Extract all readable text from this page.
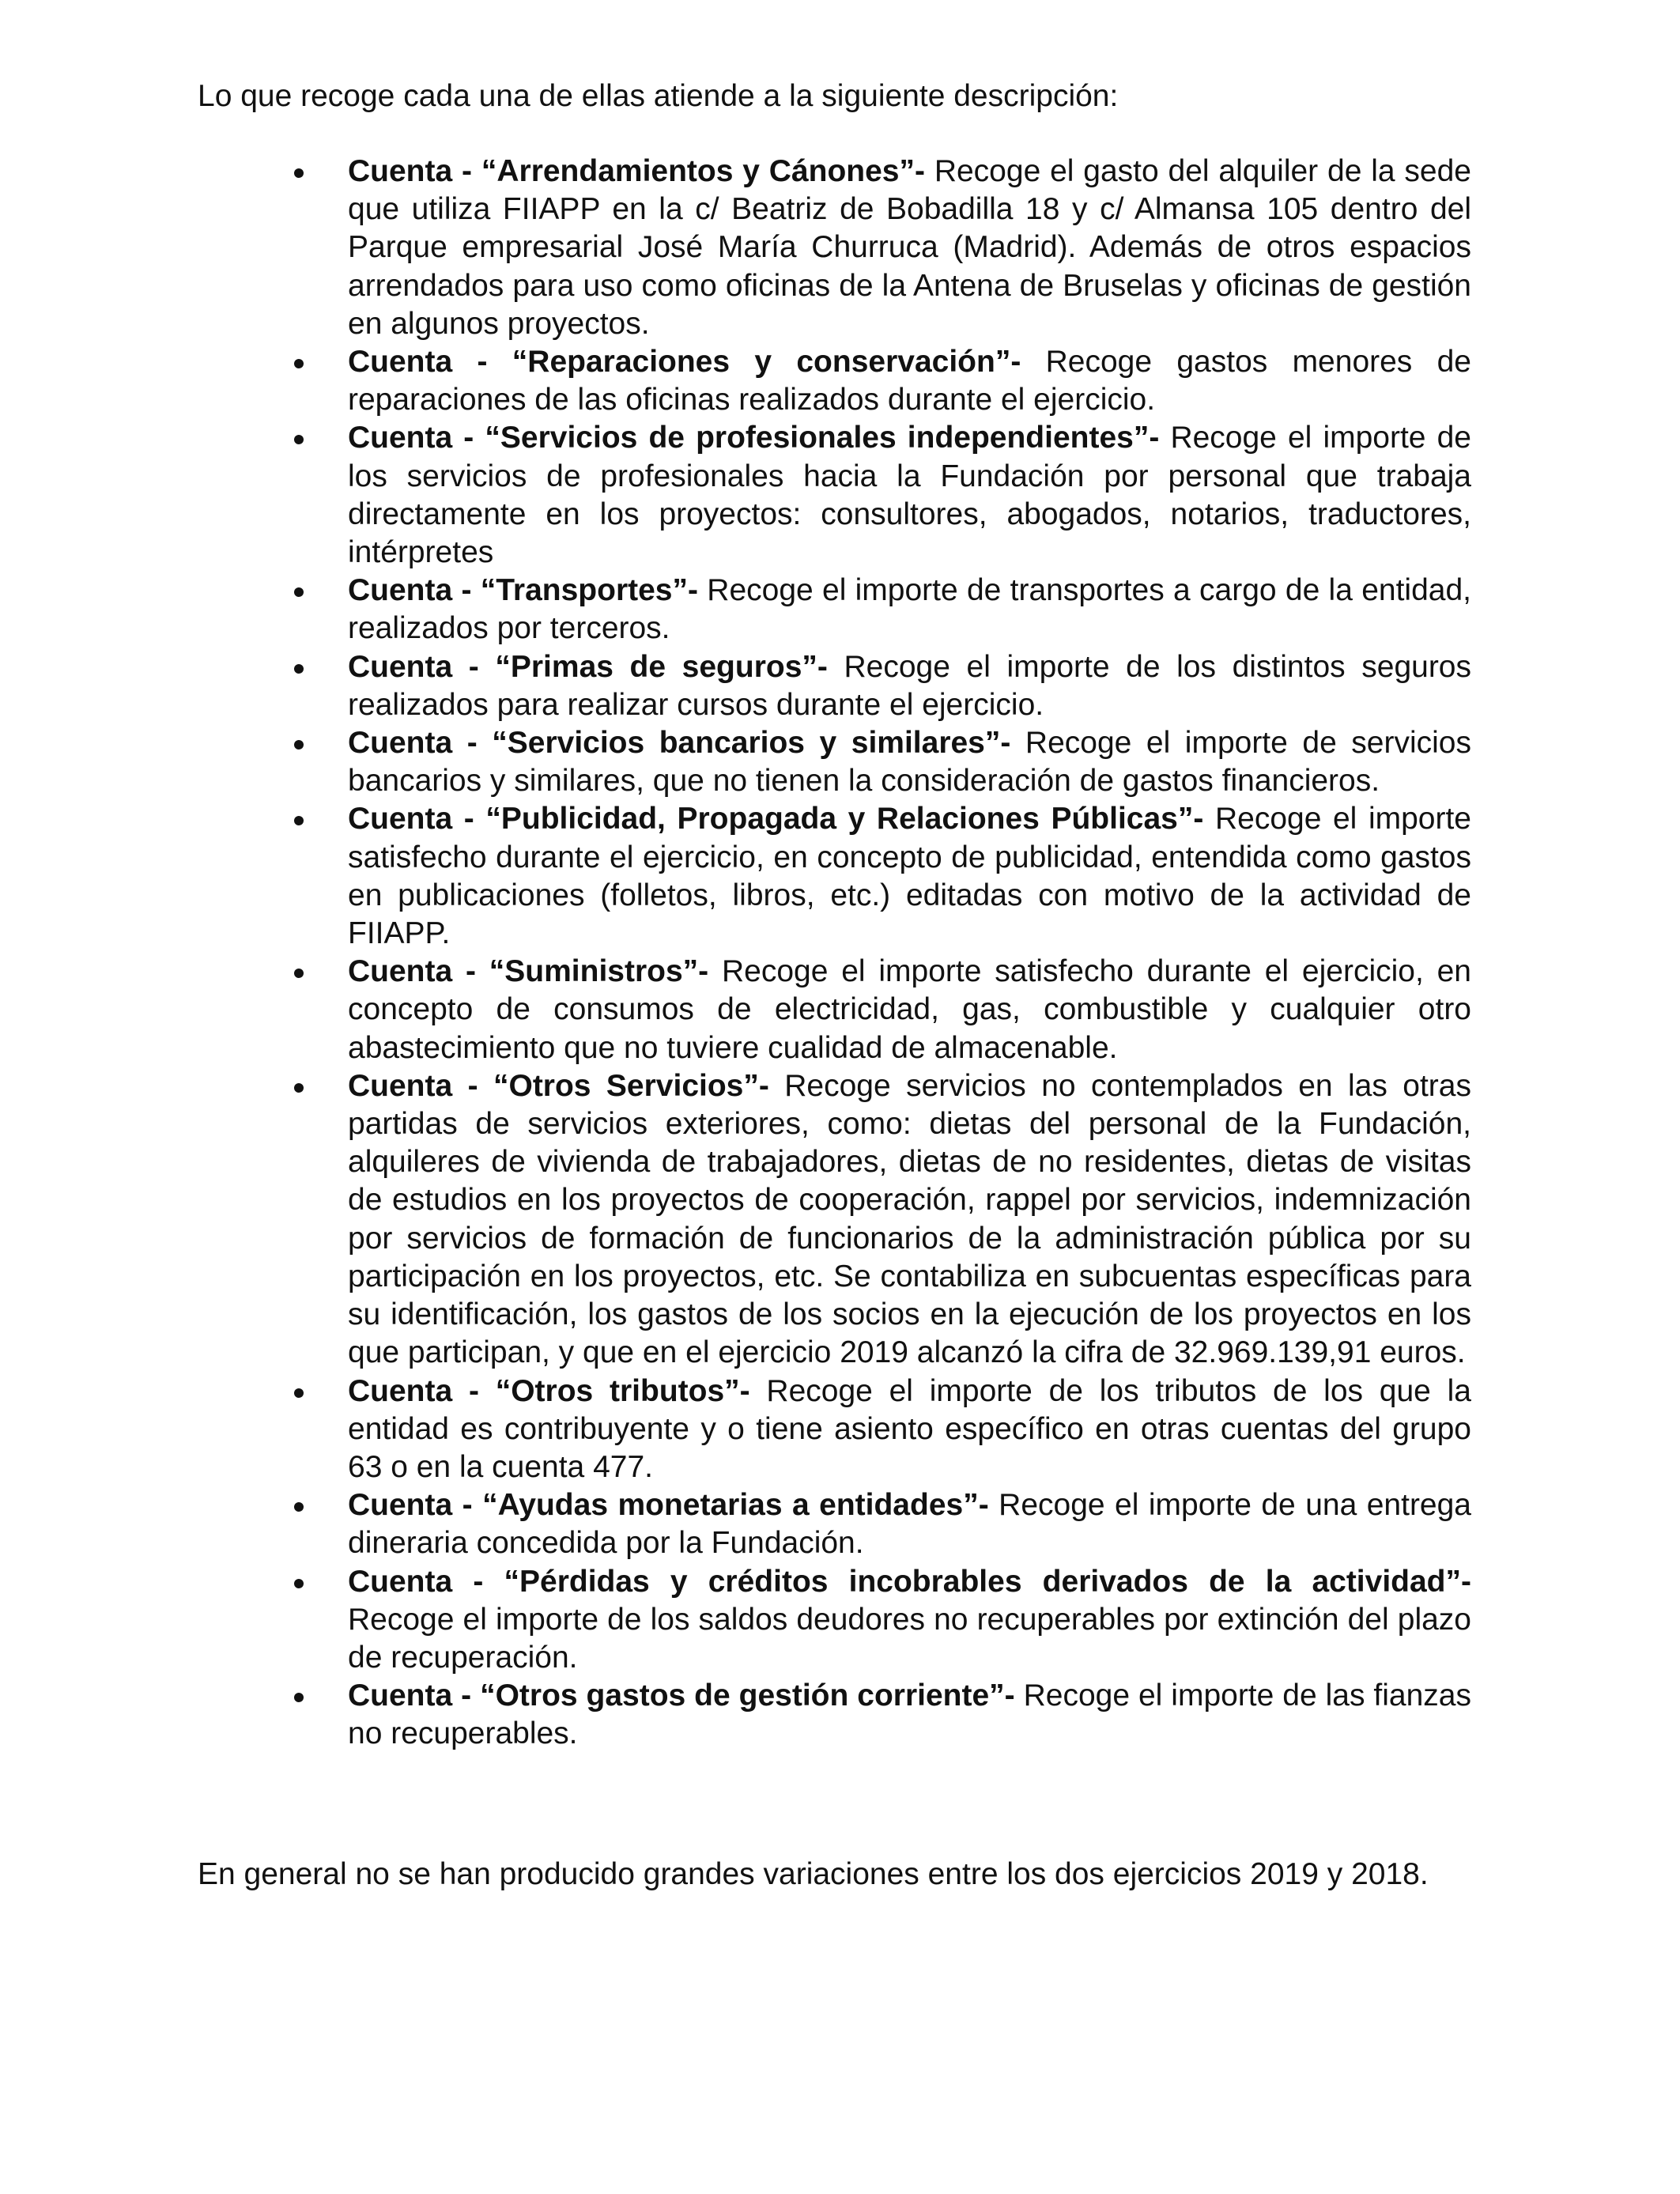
Lo que recoge cada una de ellas atiende a la siguiente descripción:

Cuenta - “Arrendamientos y Cánones”- Recoge el gasto del alquiler de la sede que utiliza FIIAPP en la c/ Beatriz de Bobadilla 18 y c/ Almansa 105 dentro del Parque empresarial José María Churruca (Madrid). Además de otros espacios arrendados para uso como oficinas de la Antena de Bruselas y oficinas de gestión en algunos proyectos.
Cuenta - “Reparaciones y conservación”- Recoge gastos menores de reparaciones de las oficinas realizados durante el ejercicio.
Cuenta - “Servicios de profesionales independientes”- Recoge el importe de los servicios de profesionales hacia la Fundación por personal que trabaja directamente en los proyectos: consultores, abogados, notarios, traductores, intérpretes
Cuenta - “Transportes”- Recoge el importe de transportes a cargo de la entidad, realizados por terceros.
Cuenta - “Primas de seguros”- Recoge el importe de los distintos seguros realizados para realizar cursos durante el ejercicio.
Cuenta - “Servicios bancarios y similares”- Recoge el importe de servicios bancarios y similares, que no tienen la consideración de gastos financieros.
Cuenta - “Publicidad, Propagada y Relaciones Públicas”- Recoge el importe satisfecho durante el ejercicio, en concepto de publicidad, entendida como gastos en publicaciones (folletos, libros, etc.) editadas con motivo de la actividad de FIIAPP.
Cuenta - “Suministros”- Recoge el importe satisfecho durante el ejercicio, en concepto de consumos de electricidad, gas, combustible y cualquier otro abastecimiento que no tuviere cualidad de almacenable.
Cuenta - “Otros Servicios”- Recoge servicios no contemplados en las otras partidas de servicios exteriores, como: dietas del personal de la Fundación, alquileres de vivienda de trabajadores, dietas de no residentes, dietas de visitas de estudios en los proyectos de cooperación, rappel por servicios, indemnización por servicios de formación de funcionarios de la administración pública por su participación en los proyectos, etc. Se contabiliza en subcuentas específicas para su identificación, los gastos de los socios en la ejecución de los proyectos en los que participan, y que en el ejercicio 2019 alcanzó la cifra de 32.969.139,91 euros.
Cuenta - “Otros tributos”- Recoge el importe de los tributos de los que la entidad es contribuyente y o tiene asiento específico en otras cuentas del grupo 63 o en la cuenta 477.
Cuenta - “Ayudas monetarias a entidades”- Recoge el importe de una entrega dineraria concedida por la Fundación.
Cuenta - “Pérdidas y créditos incobrables derivados de la actividad”- Recoge el importe de los saldos deudores no recuperables por extinción del plazo de recuperación.
Cuenta - “Otros gastos de gestión corriente”- Recoge el importe de las fianzas no recuperables.

En general no se han producido grandes variaciones entre los dos ejercicios 2019 y 2018.
